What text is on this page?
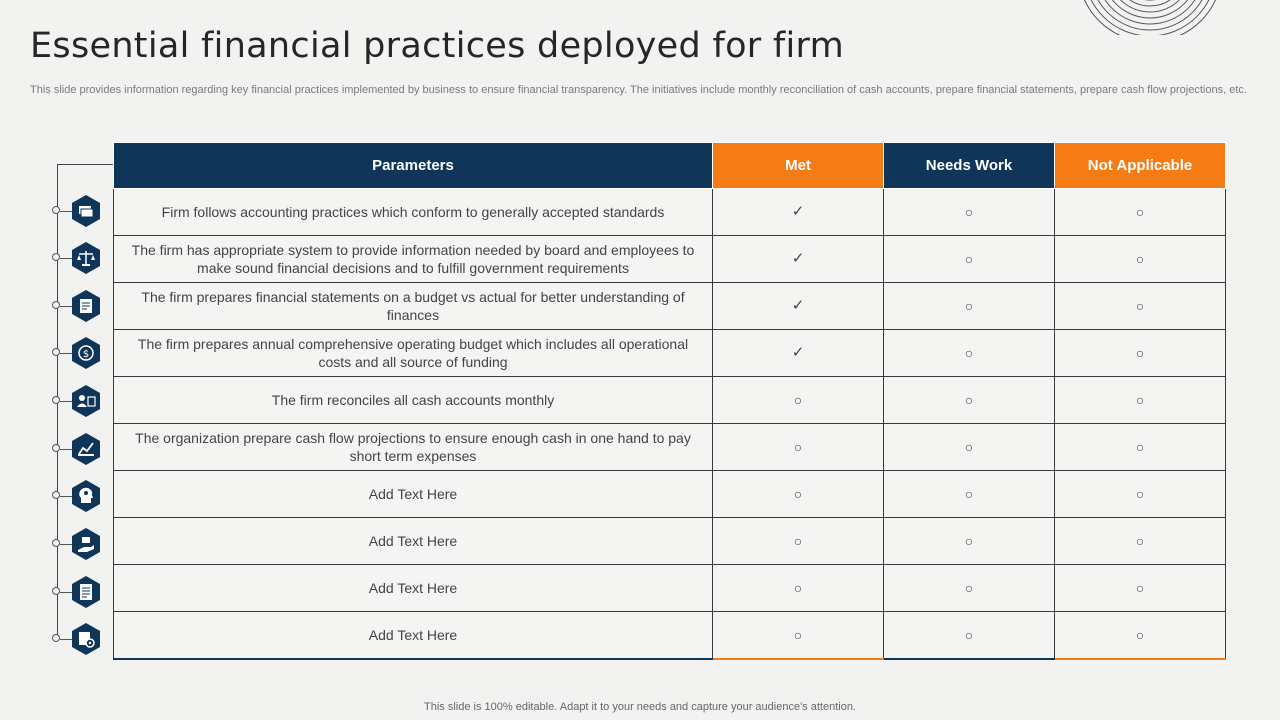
Essential financial practices deployed for firm

This slide provides information regarding key financial practices implemented by business to ensure financial transparency. The initiatives include monthly reconciliation of cash accounts, prepare financial statements, prepare cash flow projections, etc.

$
Parameters	Met	Needs Work	Not Applicable
Firm follows accounting practices which conform to generally accepted standards	✓	○	○
The firm has appropriate system to provide information needed by board and employees to make sound financial decisions and to fulfill government requirements	✓	○	○
The firm prepares financial statements on a budget vs actual for better understanding of finances	✓	○	○
The firm prepares annual comprehensive operating budget which includes all operational costs and all source of funding	✓	○	○
The firm reconciles all cash accounts monthly	○	○	○
The organization prepare cash flow projections to ensure enough cash in one hand to pay short term expenses	○	○	○
Add Text Here	○	○	○
Add Text Here	○	○	○
Add Text Here	○	○	○
Add Text Here	○	○	○
This slide is 100% editable. Adapt it to your needs and capture your audience's attention.
